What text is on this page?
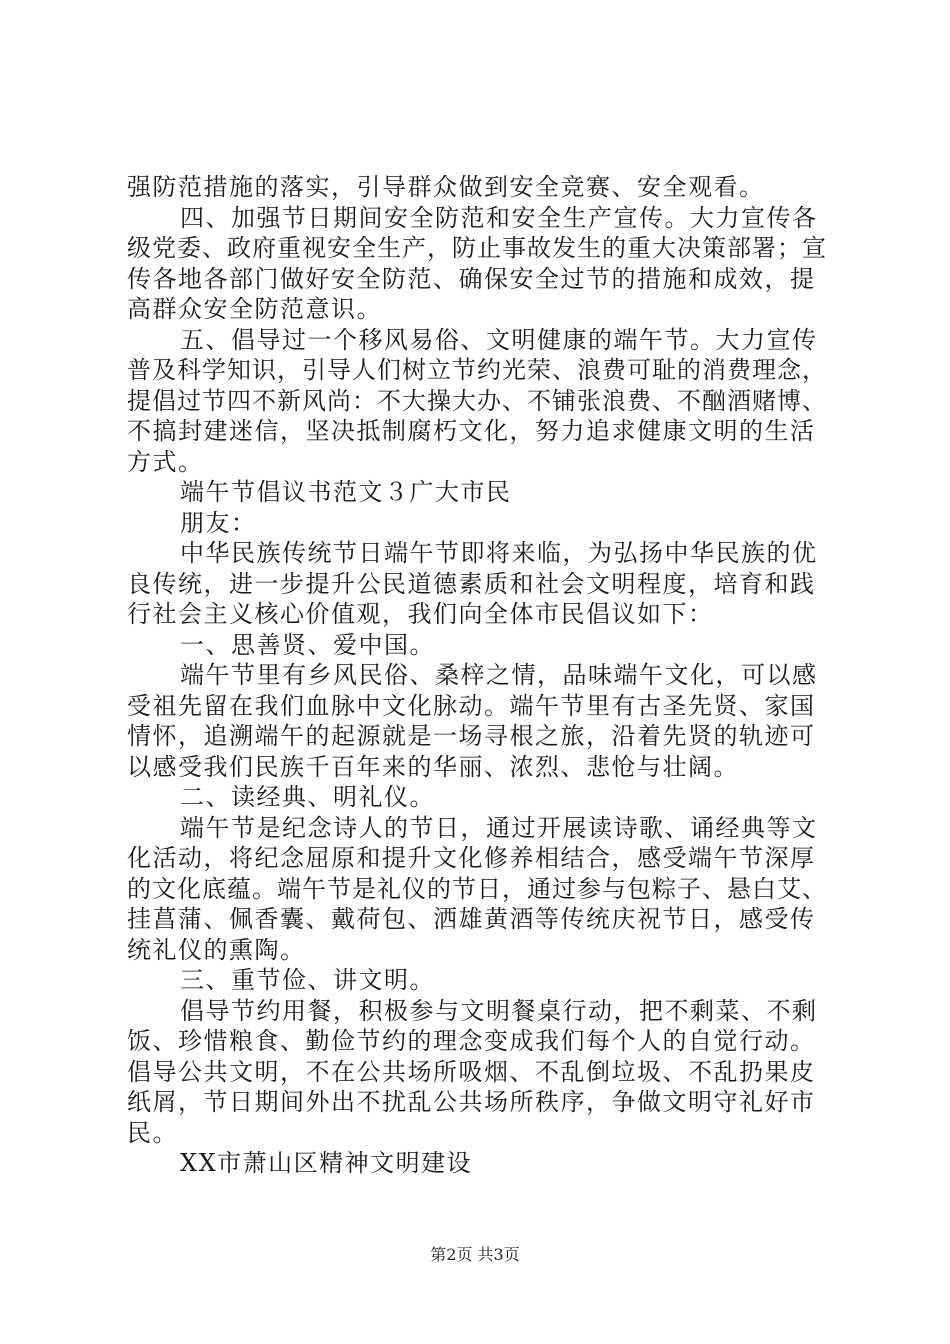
强防范措施的落实，引导群众做到安全竞赛、安全观看。
四、加强节日期间安全防范和安全生产宣传。大力宣传各
级党委、政府重视安全生产，防止事故发生的重大决策部署；宣
传各地各部门做好安全防范、确保安全过节的措施和成效，提
高群众安全防范意识。
五、倡导过一个移风易俗、文明健康的端午节。大力宣传
普及科学知识，引导人们树立节约光荣、浪费可耻的消费理念，
提倡过节四不新风尚：不大操大办、不铺张浪费、不酗酒赌博、
不搞封建迷信，坚决抵制腐朽文化，努力追求健康文明的生活
方式。
端午节倡议书范文３广大市民
朋友：
中华民族传统节日端午节即将来临，为弘扬中华民族的优
良传统，进一步提升公民道德素质和社会文明程度，培育和践
行社会主义核心价值观，我们向全体市民倡议如下：
一、思善贤、爱中国。
端午节里有乡风民俗、桑梓之情，品味端午文化，可以感
受祖先留在我们血脉中文化脉动。端午节里有古圣先贤、家国
情怀，追溯端午的起源就是一场寻根之旅，沿着先贤的轨迹可
以感受我们民族千百年来的华丽、浓烈、悲怆与壮阔。
二、读经典、明礼仪。
端午节是纪念诗人的节日，通过开展读诗歌、诵经典等文
化活动，将纪念屈原和提升文化修养相结合，感受端午节深厚
的文化底蕴。端午节是礼仪的节日，通过参与包粽子、悬白艾、
挂菖蒲、佩香囊、戴荷包、洒雄黄酒等传统庆祝节日，感受传
统礼仪的熏陶。
三、重节俭、讲文明。
倡导节约用餐，积极参与文明餐桌行动，把不剩菜、不剩
饭、珍惜粮食、勤俭节约的理念变成我们每个人的自觉行动。
倡导公共文明，不在公共场所吸烟、不乱倒垃圾、不乱扔果皮
纸屑，节日期间外出不扰乱公共场所秩序，争做文明守礼好市
民。
XX市萧山区精神文明建设
第2页 共3页
